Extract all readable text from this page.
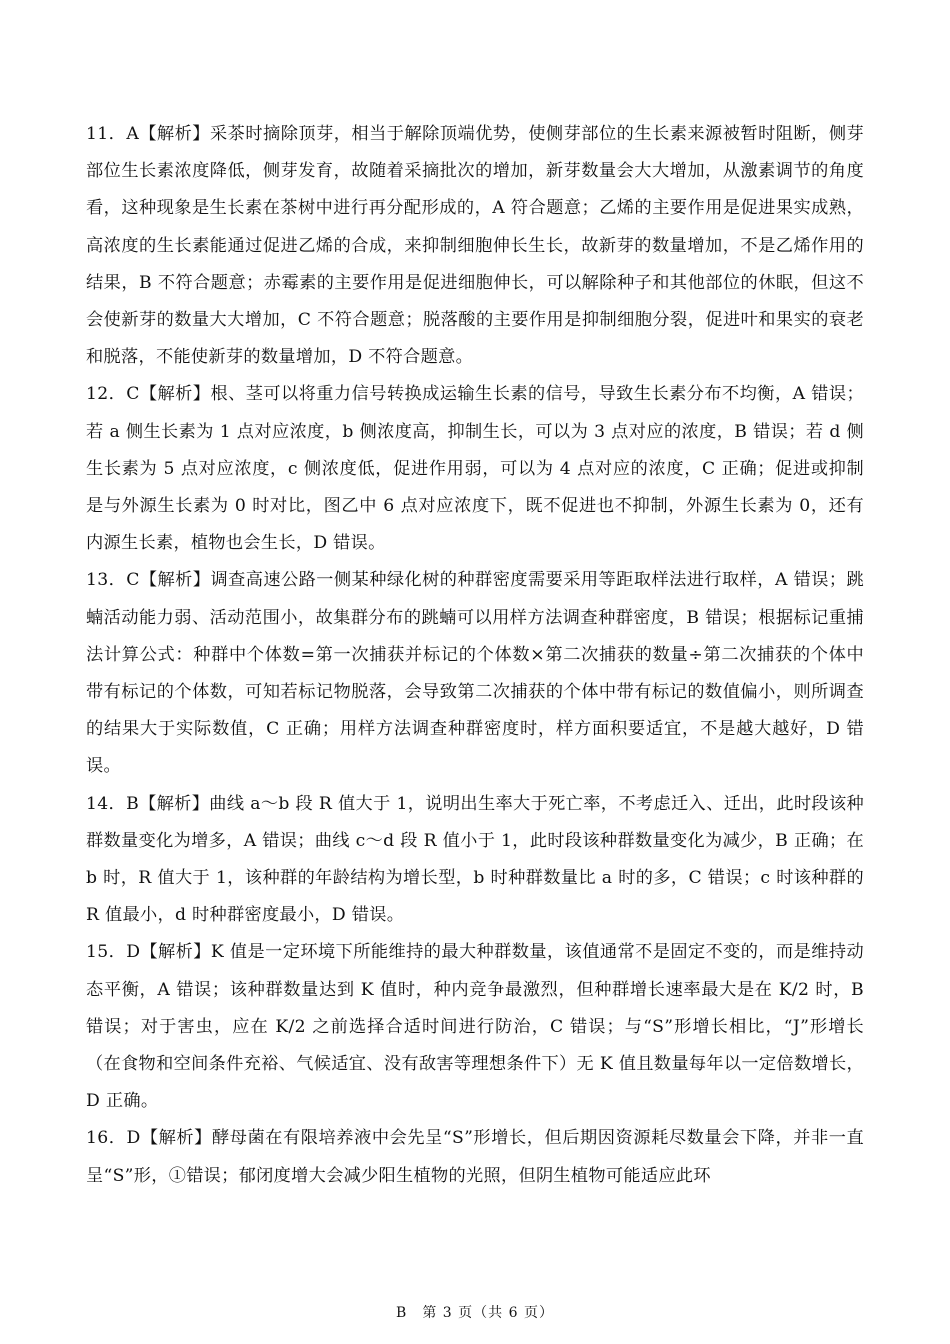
11．A【解析】采茶时摘除顶芽，相当于解除顶端优势，使侧芽部位的生长素来源被暂时阻断，侧芽部位生长素浓度降低，侧芽发育，故随着采摘批次的增加，新芽数量会大大增加，从激素调节的角度看，这种现象是生长素在茶树中进行再分配形成的，A 符合题意；乙烯的主要作用是促进果实成熟，高浓度的生长素能通过促进乙烯的合成，来抑制细胞伸长生长，故新芽的数量增加，不是乙烯作用的结果，B 不符合题意；赤霉素的主要作用是促进细胞伸长，可以解除种子和其他部位的休眠，但这不会使新芽的数量大大增加，C 不符合题意；脱落酸的主要作用是抑制细胞分裂，促进叶和果实的衰老和脱落，不能使新芽的数量增加，D 不符合题意。

12．C【解析】根、茎可以将重力信号转换成运输生长素的信号，导致生长素分布不均衡，A 错误；若 a 侧生长素为 1 点对应浓度，b 侧浓度高，抑制生长，可以为 3 点对应的浓度，B 错误；若 d 侧生长素为 5 点对应浓度，c 侧浓度低，促进作用弱，可以为 4 点对应的浓度，C 正确；促进或抑制是与外源生长素为 0 时对比，图乙中 6 点对应浓度下，既不促进也不抑制，外源生长素为 0，还有内源生长素，植物也会生长，D 错误。

13．C【解析】调查高速公路一侧某种绿化树的种群密度需要采用等距取样法进行取样，A 错误；跳蝻活动能力弱、活动范围小，故集群分布的跳蝻可以用样方法调查种群密度，B 错误；根据标记重捕法计算公式：种群中个体数=第一次捕获并标记的个体数×第二次捕获的数量÷第二次捕获的个体中带有标记的个体数，可知若标记物脱落，会导致第二次捕获的个体中带有标记的数值偏小，则所调查的结果大于实际数值，C 正确；用样方法调查种群密度时，样方面积要适宜，不是越大越好，D 错误。

14．B【解析】曲线 a～b 段 R 值大于 1，说明出生率大于死亡率，不考虑迁入、迁出，此时段该种群数量变化为增多，A 错误；曲线 c～d 段 R 值小于 1，此时段该种群数量变化为减少，B 正确；在 b 时，R 值大于 1，该种群的年龄结构为增长型，b 时种群数量比 a 时的多，C 错误；c 时该种群的 R 值最小，d 时种群密度最小，D 错误。

15．D【解析】K 值是一定环境下所能维持的最大种群数量，该值通常不是固定不变的，而是维持动态平衡，A 错误；该种群数量达到 K 值时，种内竞争最激烈，但种群增长速率最大是在 K/2 时，B 错误；对于害虫，应在 K/2 之前选择合适时间进行防治，C 错误；与“S”形增长相比，“J”形增长（在食物和空间条件充裕、气候适宜、没有敌害等理想条件下）无 K 值且数量每年以一定倍数增长，D 正确。

16．D【解析】酵母菌在有限培养液中会先呈“S”形增长，但后期因资源耗尽数量会下降，并非一直呈“S”形，①错误；郁闭度增大会减少阳生植物的光照，但阴生植物可能适应此环

B　第 3 页（共 6 页）
